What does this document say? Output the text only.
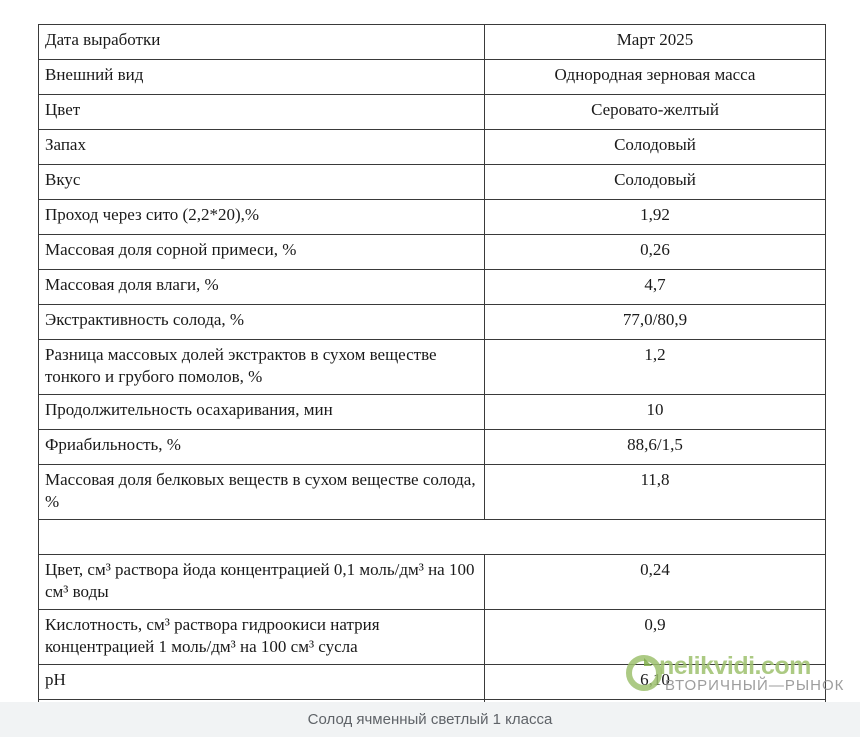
Дата выработки	Март 2025
Внешний вид	Однородная зерновая масса
Цвет	Серовато-желтый
Запах	Солодовый
Вкус	Солодовый
Проход через сито (2,2*20),%	1,92
Массовая доля сорной примеси, %	0,26
Массовая доля влаги, %	4,7
Экстрактивность солода, %	77,0/80,9
Разница массовых долей экстрактов в сухом веществе тонкого и грубого помолов, %	1,2
Продолжительность осахаривания, мин	10
Фриабильность, %	88,6/1,5
Массовая доля белковых веществ в сухом веществе солода, %	11,8

Цвет, см³ раствора йода концентрацией 0,1 моль/дм³ на 100 см³ воды	0,24
Кислотность, см³ раствора гидроокиси натрия концентрацией 1 моль/дм³ на 100 см³ сусла	0,9
pH	6,10

nelikvidi.com
ВТОРИЧНЫЙ—РЫНОК
Солод ячменный светлый 1 класса
